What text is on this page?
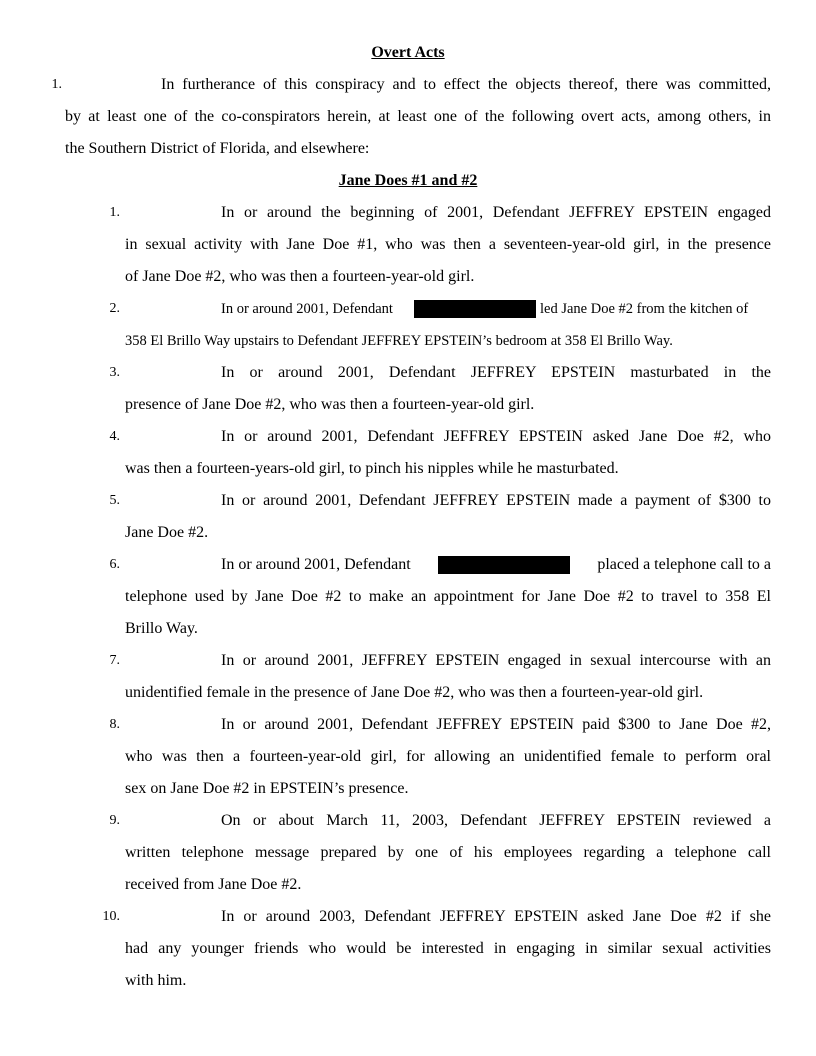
Overt Acts
1.	In furtherance of this conspiracy and to effect the objects thereof, there was committed,
by at least one of the co-conspirators herein, at least one of the following overt acts, among others, in
the Southern District of Florida, and elsewhere:
Jane Does #1 and #2
1.	In or around the beginning of 2001, Defendant JEFFREY EPSTEIN engaged
in sexual activity with Jane Doe #1, who was then a seventeen-year-old girl, in the presence
of Jane Doe #2, who was then a fourteen-year-old girl.
2.	In or around 2001, Defendant	led Jane Doe #2 from the kitchen of
358 El Brillo Way upstairs to Defendant JEFFREY EPSTEIN’s bedroom at 358 El Brillo Way.
3.	In or around 2001, Defendant JEFFREY EPSTEIN masturbated in the
presence of Jane Doe #2, who was then a fourteen-year-old girl.
4.	In or around 2001, Defendant JEFFREY EPSTEIN asked Jane Doe #2, who
was then a fourteen-years-old girl, to pinch his nipples while he masturbated.
5.	In or around 2001, Defendant JEFFREY EPSTEIN made a payment of $300 to
Jane Doe #2.
6.	In or around 2001, Defendant	placed a telephone call to a
telephone used by Jane Doe #2 to make an appointment for Jane Doe #2 to travel to 358 El
Brillo Way.
7.	In or around 2001, JEFFREY EPSTEIN engaged in sexual intercourse with an
unidentified female in the presence of Jane Doe #2, who was then a fourteen-year-old girl.
8.	In or around 2001, Defendant JEFFREY EPSTEIN paid $300 to Jane Doe #2,
who was then a fourteen-year-old girl, for allowing an unidentified female to perform oral
sex on Jane Doe #2 in EPSTEIN’s presence.
9.	On or about March 11, 2003, Defendant JEFFREY EPSTEIN reviewed a
written telephone message prepared by one of his employees regarding a telephone call
received from Jane Doe #2.
10.	In or around 2003, Defendant JEFFREY EPSTEIN asked Jane Doe #2 if she
had any younger friends who would be interested in engaging in similar sexual activities
with him.
